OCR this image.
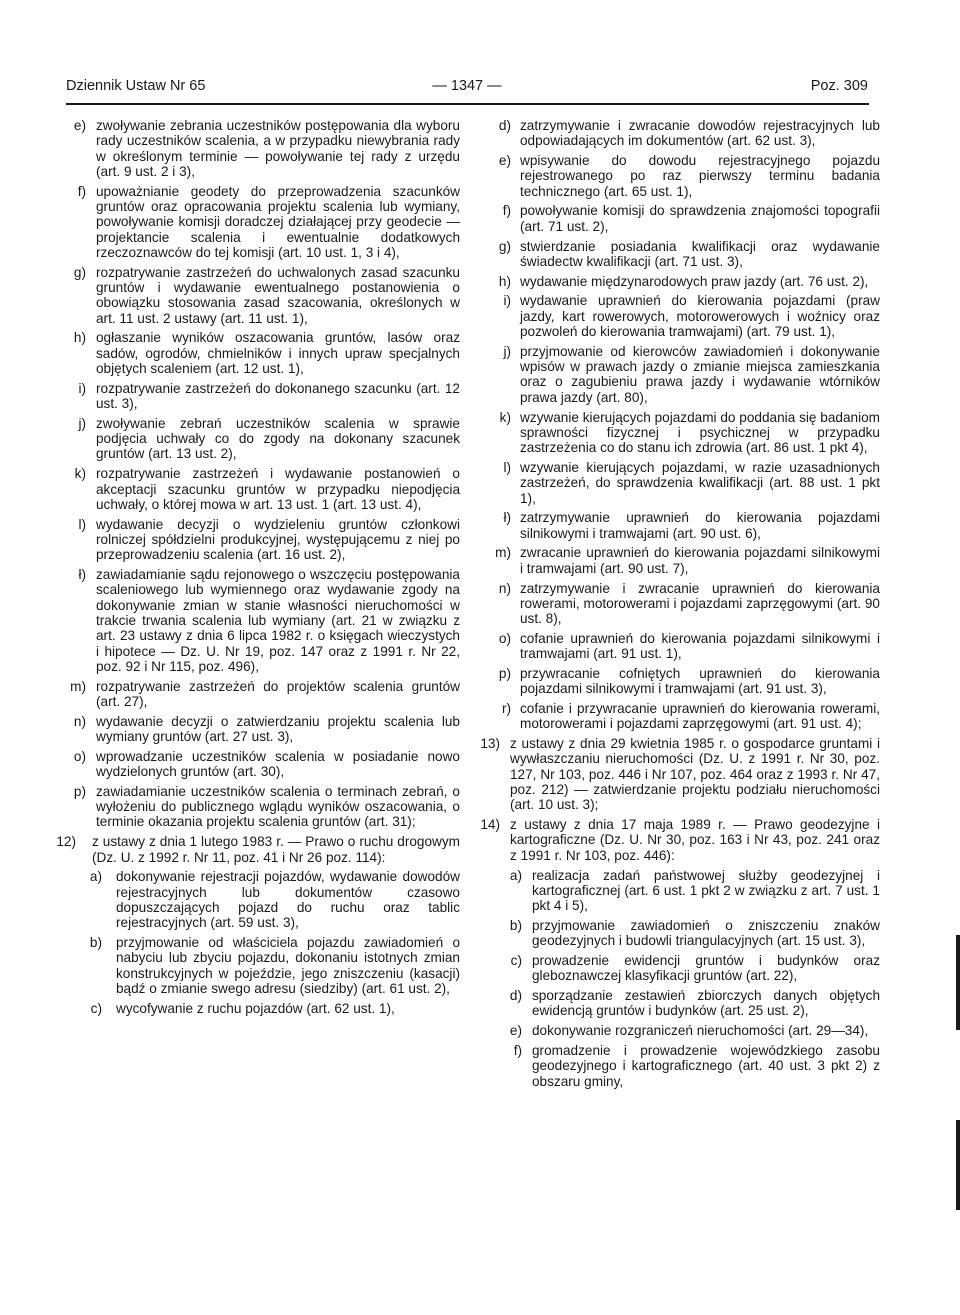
Dziennik Ustaw Nr 65	— 1347 —	Poz. 309
e) zwoływanie zebrania uczestników postępowania dla wyboru rady uczestników scalenia, a w przypadku niewybrania rady w określonym terminie — powoływanie tej rady z urzędu (art. 9 ust. 2 i 3),
f) upoważnianie geodety do przeprowadzenia szacunków gruntów oraz opracowania projektu scalenia lub wymiany, powoływanie komisji doradczej działającej przy geodecie — projektancie scalenia i ewentualnie dodatkowych rzeczoznawców do tej komisji (art. 10 ust. 1, 3 i 4),
g) rozpatrywanie zastrzeżeń do uchwalonych zasad szacunku gruntów i wydawanie ewentualnego postanowienia o obowiązku stosowania zasad szacowania, określonych w art. 11 ust. 2 ustawy (art. 11 ust. 1),
h) ogłaszanie wyników oszacowania gruntów, lasów oraz sadów, ogrodów, chmielników i innych upraw specjalnych objętych scaleniem (art. 12 ust. 1),
i) rozpatrywanie zastrzeżeń do dokonanego szacunku (art. 12 ust. 3),
j) zwoływanie zebrań uczestników scalenia w sprawie podjęcia uchwały co do zgody na dokonany szacunek gruntów (art. 13 ust. 2),
k) rozpatrywanie zastrzeżeń i wydawanie postanowień o akceptacji szacunku gruntów w przypadku niepodjęcia uchwały, o której mowa w art. 13 ust. 1 (art. 13 ust. 4),
l) wydawanie decyzji o wydzieleniu gruntów członkowi rolniczej spółdzielni produkcyjnej, występującemu z niej po przeprowadzeniu scalenia (art. 16 ust. 2),
ł) zawiadamianie sądu rejonowego o wszczęciu postępowania scaleniowego lub wymiennego oraz wydawanie zgody na dokonywanie zmian w stanie własności nieruchomości w trakcie trwania scalenia lub wymiany (art. 21 w związku z art. 23 ustawy z dnia 6 lipca 1982 r. o księgach wieczystych i hipotece — Dz. U. Nr 19, poz. 147 oraz z 1991 r. Nr 22, poz. 92 i Nr 115, poz. 496),
m) rozpatrywanie zastrzeżeń do projektów scalenia gruntów (art. 27),
n) wydawanie decyzji o zatwierdzaniu projektu scalenia lub wymiany gruntów (art. 27 ust. 3),
o) wprowadzanie uczestników scalenia w posiadanie nowo wydzielonych gruntów (art. 30),
p) zawiadamianie uczestników scalenia o terminach zebrań, o wyłożeniu do publicznego wglądu wyników oszacowania, o terminie okazania projektu scalenia gruntów (art. 31);
12) z ustawy z dnia 1 lutego 1983 r. — Prawo o ruchu drogowym (Dz. U. z 1992 r. Nr 11, poz. 41 i Nr 26 poz. 114):
a) dokonywanie rejestracji pojazdów, wydawanie dowodów rejestracyjnych lub dokumentów czasowo dopuszczających pojazd do ruchu oraz tablic rejestracyjnych (art. 59 ust. 3),
b) przyjmowanie od właściciela pojazdu zawiadomień o nabyciu lub zbyciu pojazdu, dokonaniu istotnych zmian konstrukcyjnych w pojeździe, jego zniszczeniu (kasacji) bądź o zmianie swego adresu (siedziby) (art. 61 ust. 2),
c) wycofywanie z ruchu pojazdów (art. 62 ust. 1),
d) zatrzymywanie i zwracanie dowodów rejestracyjnych lub odpowiadających im dokumentów (art. 62 ust. 3),
e) wpisywanie do dowodu rejestracyjnego pojazdu rejestrowanego po raz pierwszy terminu badania technicznego (art. 65 ust. 1),
f) powoływanie komisji do sprawdzenia znajomości topografii (art. 71 ust. 2),
g) stwierdzanie posiadania kwalifikacji oraz wydawanie świadectw kwalifikacji (art. 71 ust. 3),
h) wydawanie międzynarodowych praw jazdy (art. 76 ust. 2),
i) wydawanie uprawnień do kierowania pojazdami (praw jazdy, kart rowerowych, motorowerowych i woźnicy oraz pozwoleń do kierowania tramwajami) (art. 79 ust. 1),
j) przyjmowanie od kierowców zawiadomień i dokonywanie wpisów w prawach jazdy o zmianie miejsca zamieszkania oraz o zagubieniu prawa jazdy i wydawanie wtórników prawa jazdy (art. 80),
k) wzywanie kierujących pojazdami do poddania się badaniom sprawności fizycznej i psychicznej w przypadku zastrzeżenia co do stanu ich zdrowia (art. 86 ust. 1 pkt 4),
l) wzywanie kierujących pojazdami, w razie uzasadnionych zastrzeżeń, do sprawdzenia kwalifikacji (art. 88 ust. 1 pkt 1),
ł) zatrzymywanie uprawnień do kierowania pojazdami silnikowymi i tramwajami (art. 90 ust. 6),
m) zwracanie uprawnień do kierowania pojazdami silnikowymi i tramwajami (art. 90 ust. 7),
n) zatrzymywanie i zwracanie uprawnień do kierowania rowerami, motorowerami i pojazdami zaprzęgowymi (art. 90 ust. 8),
o) cofanie uprawnień do kierowania pojazdami silnikowymi i tramwajami (art. 91 ust. 1),
p) przywracanie cofniętych uprawnień do kierowania pojazdami silnikowymi i tramwajami (art. 91 ust. 3),
r) cofanie i przywracanie uprawnień do kierowania rowerami, motorowerami i pojazdami zaprzęgowymi (art. 91 ust. 4);
13) z ustawy z dnia 29 kwietnia 1985 r. o gospodarce gruntami i wywłaszczaniu nieruchomości (Dz. U. z 1991 r. Nr 30, poz. 127, Nr 103, poz. 446 i Nr 107, poz. 464 oraz z 1993 r. Nr 47, poz. 212) — zatwierdzanie projektu podziału nieruchomości (art. 10 ust. 3);
14) z ustawy z dnia 17 maja 1989 r. — Prawo geodezyjne i kartograficzne (Dz. U. Nr 30, poz. 163 i Nr 43, poz. 241 oraz z 1991 r. Nr 103, poz. 446):
a) realizacja zadań państwowej służby geodezyjnej i kartograficznej (art. 6 ust. 1 pkt 2 w związku z art. 7 ust. 1 pkt 4 i 5),
b) przyjmowanie zawiadomień o zniszczeniu znaków geodezyjnych i budowli triangulacyjnych (art. 15 ust. 3),
c) prowadzenie ewidencji gruntów i budynków oraz gleboznawczej klasyfikacji gruntów (art. 22),
d) sporządzanie zestawień zbiorczych danych objętych ewidencją gruntów i budynków (art. 25 ust. 2),
e) dokonywanie rozgraniczeń nieruchomości (art. 29—34),
f) gromadzenie i prowadzenie wojewódzkiego zasobu geodezyjnego i kartograficznego (art. 40 ust. 3 pkt 2) z obszaru gminy,
